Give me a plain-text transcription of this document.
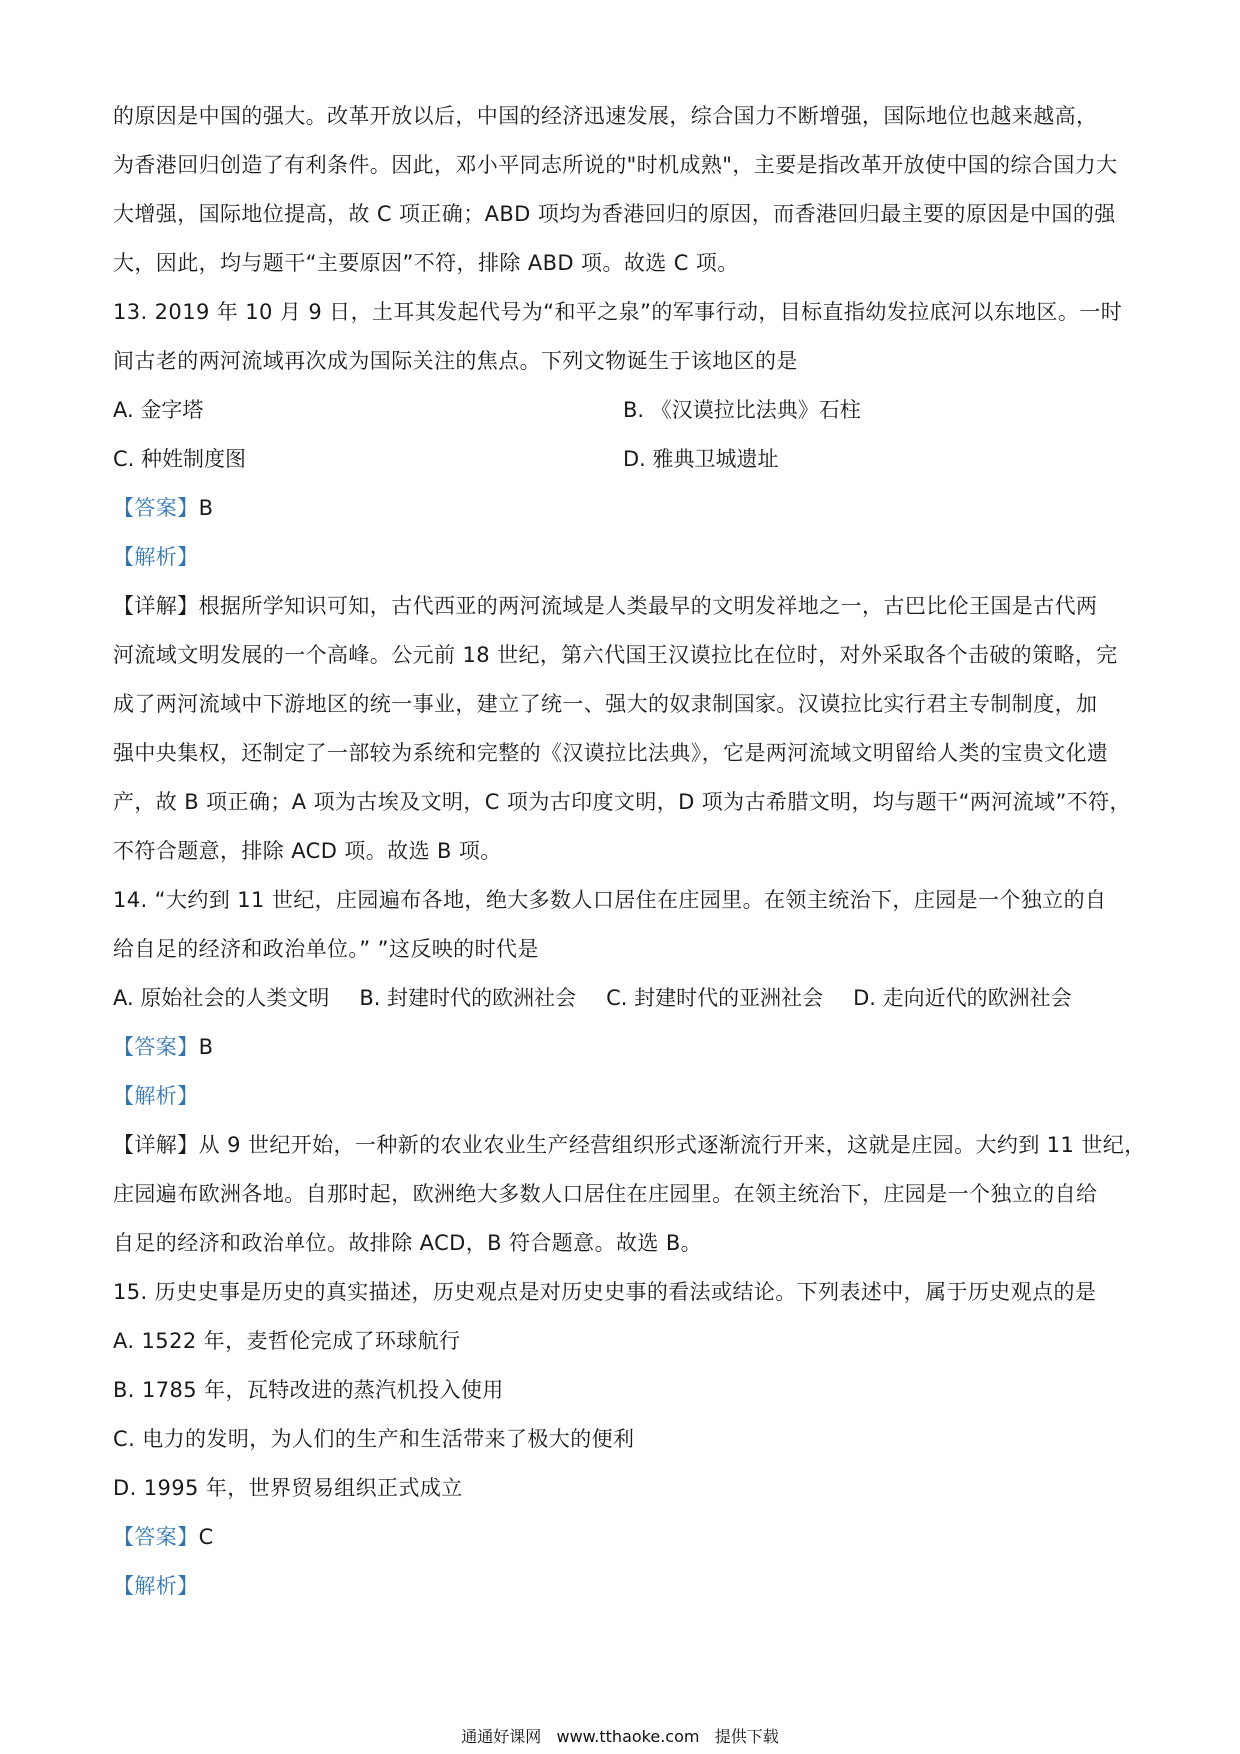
的原因是中国的强大。改革开放以后，中国的经济迅速发展，综合国力不断增强，国际地位也越来越高，
为香港回归创造了有利条件。因此，邓小平同志所说的"时机成熟"，主要是指改革开放使中国的综合国力大
大增强，国际地位提高，故 C 项正确；ABD 项均为香港回归的原因，而香港回归最主要的原因是中国的强
大，因此，均与题干“主要原因”不符，排除 ABD 项。故选 C 项。
13. 2019 年 10 月 9 日，土耳其发起代号为“和平之泉”的军事行动，目标直指幼发拉底河以东地区。一时
间古老的两河流域再次成为国际关注的焦点。下列文物诞生于该地区的是
A. 金字塔	B. 《汉谟拉比法典》石柱
C. 种姓制度图	D. 雅典卫城遗址
【答案】B
【解析】
【详解】根据所学知识可知，古代西亚的两河流域是人类最早的文明发祥地之一，古巴比伦王国是古代两
河流域文明发展的一个高峰。公元前 18 世纪，第六代国王汉谟拉比在位时，对外采取各个击破的策略，完
成了两河流域中下游地区的统一事业，建立了统一、强大的奴隶制国家。汉谟拉比实行君主专制制度，加
强中央集权，还制定了一部较为系统和完整的《汉谟拉比法典》，它是两河流域文明留给人类的宝贵文化遗
产，故 B 项正确；A 项为古埃及文明，C 项为古印度文明，D 项为古希腊文明，均与题干“两河流域”不符，
不符合题意，排除 ACD 项。故选 B 项。
14. “大约到 11 世纪，庄园遍布各地，绝大多数人口居住在庄园里。在领主统治下，庄园是一个独立的自
给自足的经济和政治单位。” ”这反映的时代是
A. 原始社会的人类文明 B. 封建时代的欧洲社会 C. 封建时代的亚洲社会 D. 走向近代的欧洲社会
【答案】B
【解析】
【详解】从 9 世纪开始，一种新的农业农业生产经营组织形式逐渐流行开来，这就是庄园。大约到 11 世纪，
庄园遍布欧洲各地。自那时起，欧洲绝大多数人口居住在庄园里。在领主统治下，庄园是一个独立的自给
自足的经济和政治单位。故排除 ACD，B 符合题意。故选 B。
15. 历史史事是历史的真实描述，历史观点是对历史史事的看法或结论。下列表述中，属于历史观点的是
A. 1522 年，麦哲伦完成了环球航行
B. 1785 年，瓦特改进的蒸汽机投入使用
C. 电力的发明，为人们的生产和生活带来了极大的便利
D. 1995 年，世界贸易组织正式成立
【答案】C
【解析】
通通好课网   www.tthaoke.com   提供下载
